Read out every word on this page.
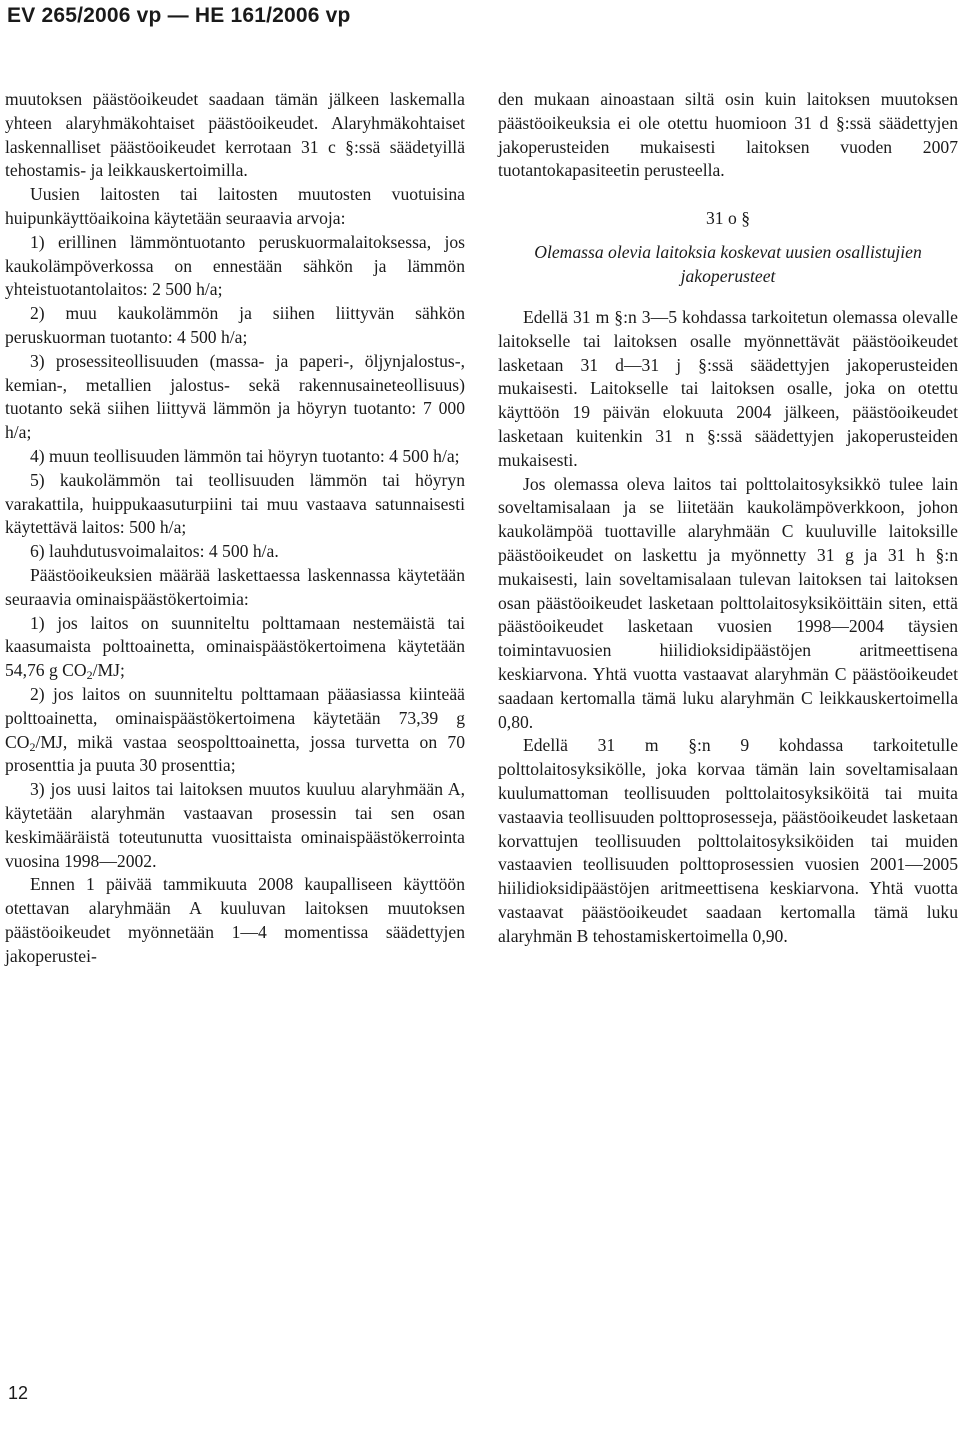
EV 265/2006 vp — HE 161/2006 vp

muutoksen päästöoikeudet saadaan tämän jälkeen laskemalla yhteen alaryhmäkohtaiset päästöoikeudet. Alaryhmäkohtaiset laskennalliset päästöoikeudet kerrotaan 31 c §:ssä säädetyillä tehostamis- ja leikkauskertoimilla.

Uusien laitosten tai laitosten muutosten vuotuisina huipunkäyttöaikoina käytetään seuraavia arvoja:

1) erillinen lämmöntuotanto peruskuormalaitoksessa, jos kaukolämpöverkossa on ennestään sähkön ja lämmön yhteistuotantolaitos: 2 500 h/a;

2) muu kaukolämmön ja siihen liittyvän sähkön peruskuorman tuotanto: 4 500 h/a;

3) prosessiteollisuuden (massa- ja paperi-, öljynjalostus-, kemian-, metallien jalostus- sekä rakennusaineteollisuus) tuotanto sekä siihen liittyvä lämmön ja höyryn tuotanto: 7 000 h/a;

4) muun teollisuuden lämmön tai höyryn tuotanto: 4 500 h/a;

5) kaukolämmön tai teollisuuden lämmön tai höyryn varakattila, huippukaasuturpiini tai muu vastaava satunnaisesti käytettävä laitos: 500 h/a;

6) lauhdutusvoimalaitos: 4 500 h/a.

Päästöoikeuksien määrää laskettaessa laskennassa käytetään seuraavia ominaispäästökertoimia:

1) jos laitos on suunniteltu polttamaan nestemäistä tai kaasumaista polttoainetta, ominaispäästökertoimena käytetään 54,76 g $CO_2/MJ$;

2) jos laitos on suunniteltu polttamaan pääasiassa kiinteää polttoainetta, ominaispäästökertoimena käytetään 73,39 g $CO_2/MJ$, mikä vastaa seospolttoainetta, jossa turvetta on 70 prosenttia ja puuta 30 prosenttia;

3) jos uusi laitos tai laitoksen muutos kuuluu alaryhmään A, käytetään alaryhmän vastaavan prosessin tai sen osan keskimääräistä toteutunutta vuosittaista ominaispäästökerrointa vuosina 1998—2002.

Ennen 1 päivää tammikuuta 2008 kaupalliseen käyttöön otettavan alaryhmään A kuuluvan laitoksen muutoksen päästöoikeudet myönnetään 1—4 momentissa säädettyjen jakoperustei-

den mukaan ainoastaan siltä osin kuin laitoksen muutoksen päästöoikeuksia ei ole otettu huomioon 31 d §:ssä säädettyjen jakoperusteiden mukaisesti laitoksen vuoden 2007 tuotantokapasiteetin perusteella.

31 o §
Olemassa olevia laitoksia koskevat uusien osallistujien jakoperusteet

Edellä 31 m §:n 3—5 kohdassa tarkoitetun olemassa olevalle laitokselle tai laitoksen osalle myönnettävät päästöoikeudet lasketaan 31 d—31 j §:ssä säädettyjen jakoperusteiden mukaisesti. Laitokselle tai laitoksen osalle, joka on otettu käyttöön 19 päivän elokuuta 2004 jälkeen, päästöoikeudet lasketaan kuitenkin 31 n §:ssä säädettyjen jakoperusteiden mukaisesti.

Jos olemassa oleva laitos tai polttolaitosyksikkö tulee lain soveltamisalaan ja se liitetään kaukolämpöverkkoon, johon kaukolämpöä tuottaville alaryhmään C kuuluville laitoksille päästöoikeudet on laskettu ja myönnetty 31 g ja 31 h §:n mukaisesti, lain soveltamisalaan tulevan laitoksen tai laitoksen osan päästöoikeudet lasketaan polttolaitosyksiköittäin siten, että päästöoikeudet lasketaan vuosien 1998—2004 täysien toimintavuosien hiilidioksidipäästöjen aritmeettisena keskiarvona. Yhtä vuotta vastaavat alaryhmän C päästöoikeudet saadaan kertomalla tämä luku alaryhmän C leikkauskertoimella 0,80.

Edellä 31 m §:n 9 kohdassa tarkoitetulle polttolaitosyksikölle, joka korvaa tämän lain soveltamisalaan kuulumattoman teollisuuden polttolaitosyksiköitä tai muita vastaavia teollisuuden polttoprosesseja, päästöoikeudet lasketaan korvattujen teollisuuden polttolaitosyksiköiden tai muiden vastaavien teollisuuden polttoprosessien vuosien 2001—2005 hiilidioksidipäästöjen aritmeettisena keskiarvona. Yhtä vuotta vastaavat päästöoikeudet saadaan kertomalla tämä luku alaryhmän B tehostamiskertoimella 0,90.

12
